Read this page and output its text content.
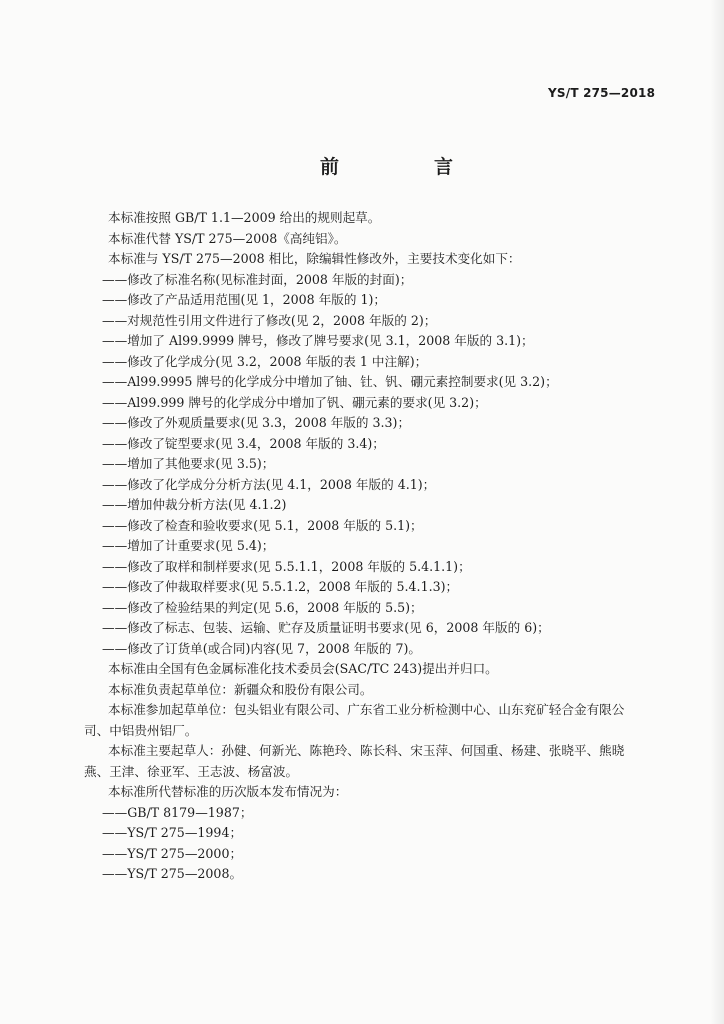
YS/T 275—2018
前　言

本标准按照 GB/T 1.1—2009 给出的规则起草。

本标准代替 YS/T 275—2008《高纯铝》。

本标准与 YS/T 275—2008 相比，除编辑性修改外，主要技术变化如下：

——修改了标准名称(见标准封面，2008 年版的封面)；

——修改了产品适用范围(见 1，2008 年版的 1)；

——对规范性引用文件进行了修改(见 2，2008 年版的 2)；

——增加了 Al99.9999 牌号，修改了牌号要求(见 3.1，2008 年版的 3.1)；

——修改了化学成分(见 3.2，2008 年版的表 1 中注解)；

——Al99.9995 牌号的化学成分中增加了铀、钍、钒、硼元素控制要求(见 3.2)；

——Al99.999 牌号的化学成分中增加了钒、硼元素的要求(见 3.2)；

——修改了外观质量要求(见 3.3，2008 年版的 3.3)；

——修改了锭型要求(见 3.4，2008 年版的 3.4)；

——增加了其他要求(见 3.5)；

——修改了化学成分分析方法(见 4.1，2008 年版的 4.1)；

——增加仲裁分析方法(见 4.1.2)

——修改了检查和验收要求(见 5.1，2008 年版的 5.1)；

——增加了计重要求(见 5.4)；

——修改了取样和制样要求(见 5.5.1.1，2008 年版的 5.4.1.1)；

——修改了仲裁取样要求(见 5.5.1.2，2008 年版的 5.4.1.3)；

——修改了检验结果的判定(见 5.6，2008 年版的 5.5)；

——修改了标志、包装、运输、贮存及质量证明书要求(见 6，2008 年版的 6)；

——修改了订货单(或合同)内容(见 7，2008 年版的 7)。

本标准由全国有色金属标准化技术委员会(SAC/TC 243)提出并归口。

本标准负责起草单位：新疆众和股份有限公司。

本标准参加起草单位：包头铝业有限公司、广东省工业分析检测中心、山东兖矿轻合金有限公司、中铝贵州铝厂。

本标准主要起草人：孙健、何新光、陈艳玲、陈长科、宋玉萍、何国重、杨建、张晓平、熊晓燕、王津、徐亚军、王志波、杨富波。

本标准所代替标准的历次版本发布情况为：

——GB/T 8179—1987；

——YS/T 275—1994；

——YS/T 275—2000；

——YS/T 275—2008。
